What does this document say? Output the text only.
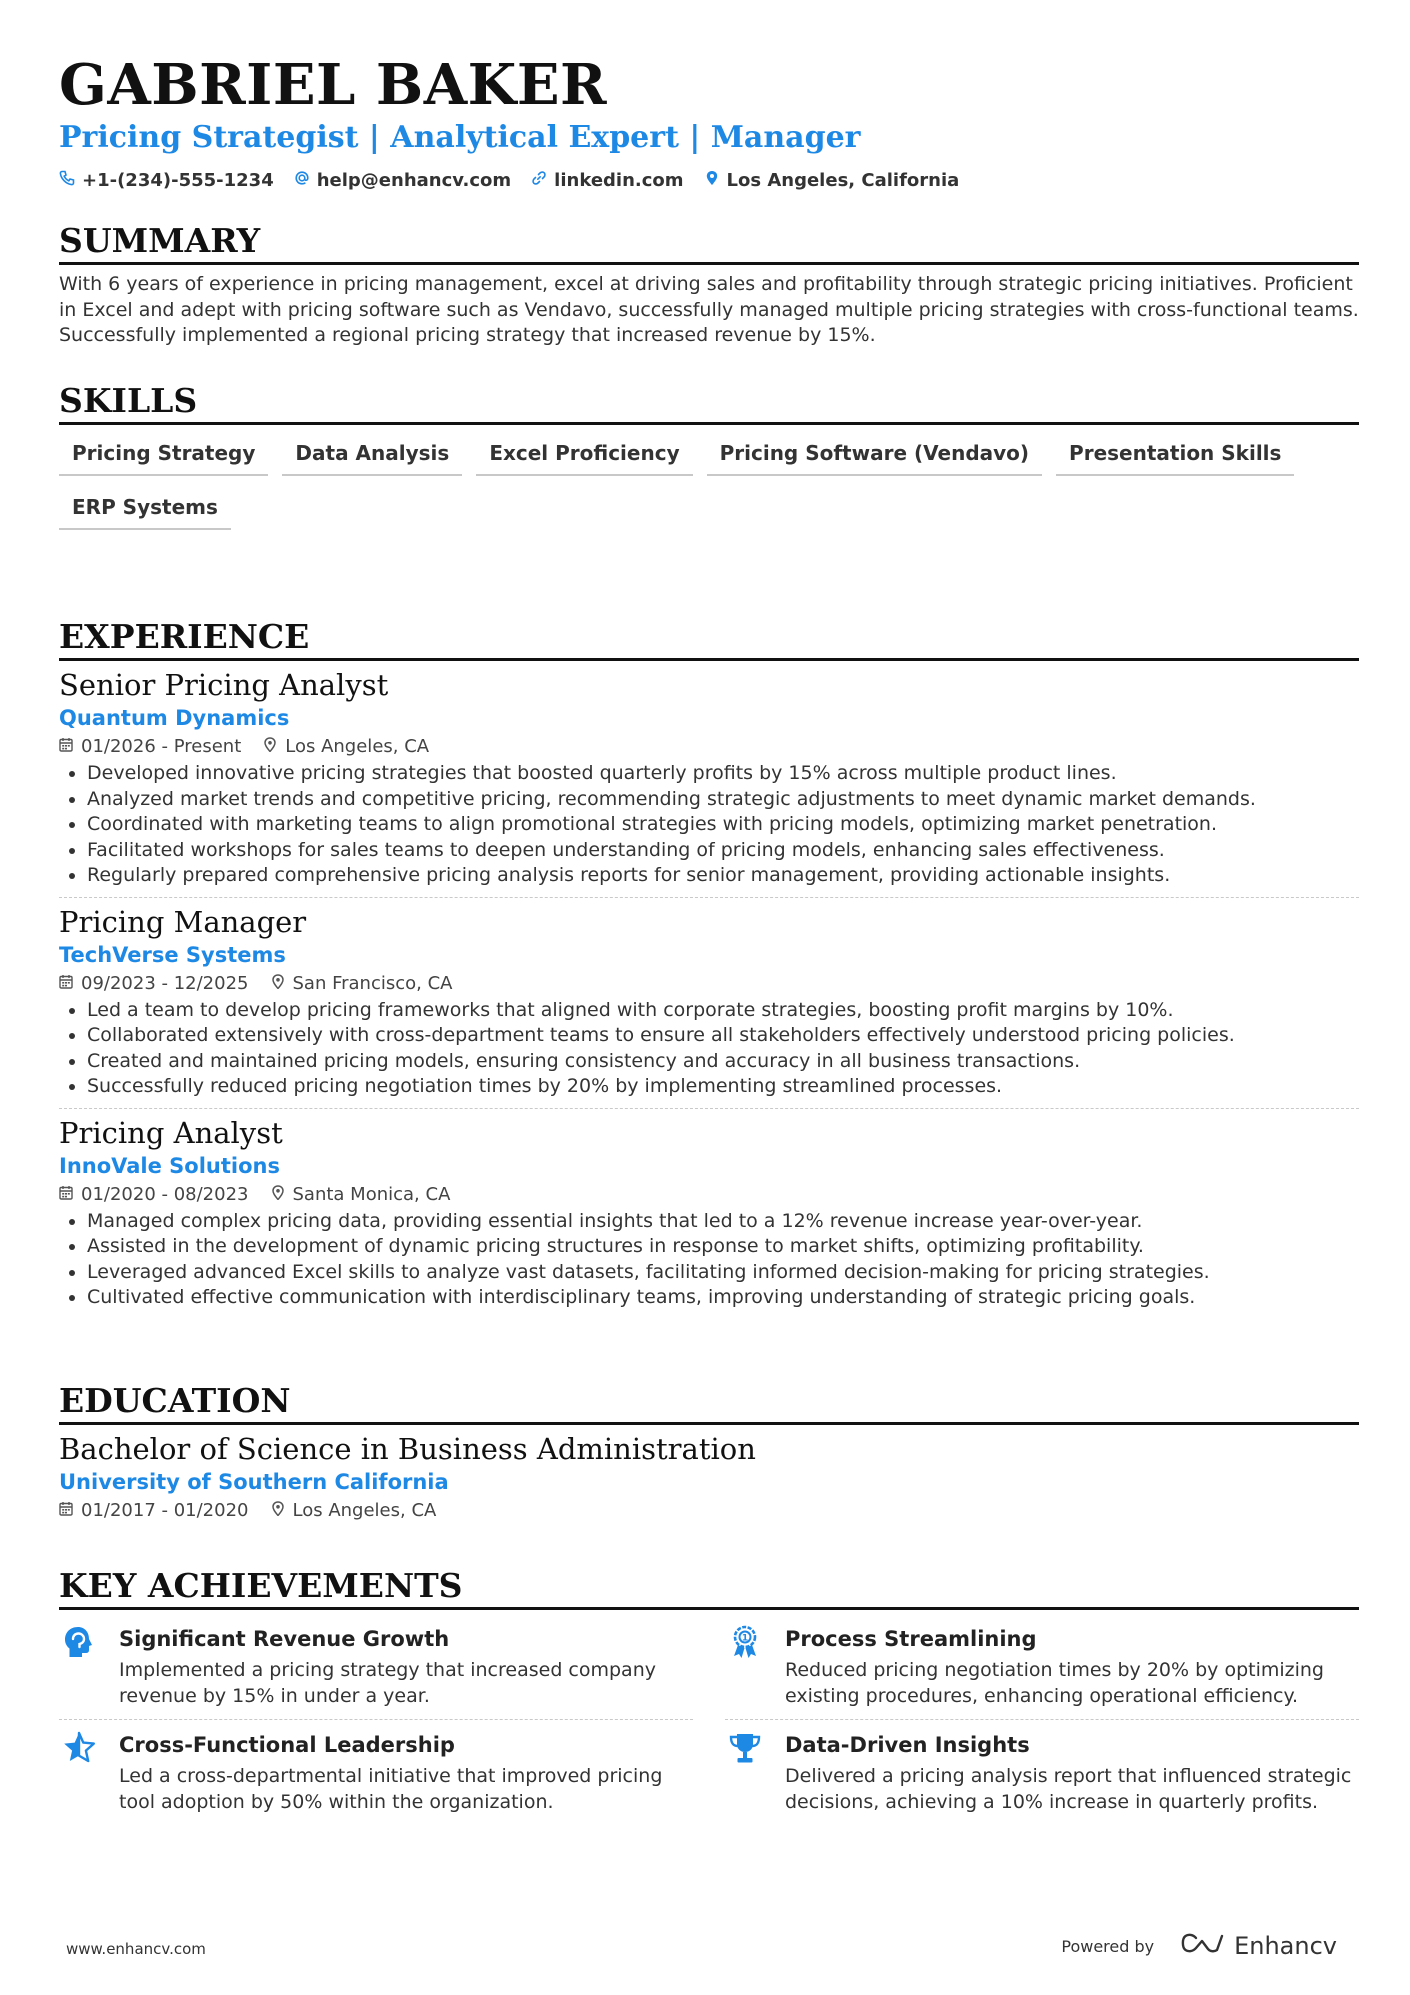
GABRIEL BAKER
Pricing Strategist | Analytical Expert | Manager
+1-(234)-555-1234 help@enhancv.com linkedin.com Los Angeles, California
SUMMARY
With 6 years of experience in pricing management, excel at driving sales and profitability through strategic pricing initiatives. Proficient in Excel and adept with pricing software such as Vendavo, successfully managed multiple pricing strategies with cross-functional teams. Successfully implemented a regional pricing strategy that increased revenue by 15%.
SKILLS
Pricing Strategy	Data Analysis	Excel Proficiency	Pricing Software (Vendavo)	Presentation Skills
ERP Systems
EXPERIENCE
Senior Pricing Analyst
Quantum Dynamics
01/2026 - Present Los Angeles, CA
• Developed innovative pricing strategies that boosted quarterly profits by 15% across multiple product lines.
• Analyzed market trends and competitive pricing, recommending strategic adjustments to meet dynamic market demands.
• Coordinated with marketing teams to align promotional strategies with pricing models, optimizing market penetration.
• Facilitated workshops for sales teams to deepen understanding of pricing models, enhancing sales effectiveness.
• Regularly prepared comprehensive pricing analysis reports for senior management, providing actionable insights.
Pricing Manager
TechVerse Systems
09/2023 - 12/2025 San Francisco, CA
• Led a team to develop pricing frameworks that aligned with corporate strategies, boosting profit margins by 10%.
• Collaborated extensively with cross-department teams to ensure all stakeholders effectively understood pricing policies.
• Created and maintained pricing models, ensuring consistency and accuracy in all business transactions.
• Successfully reduced pricing negotiation times by 20% by implementing streamlined processes.
Pricing Analyst
InnoVale Solutions
01/2020 - 08/2023 Santa Monica, CA
• Managed complex pricing data, providing essential insights that led to a 12% revenue increase year-over-year.
• Assisted in the development of dynamic pricing structures in response to market shifts, optimizing profitability.
• Leveraged advanced Excel skills to analyze vast datasets, facilitating informed decision-making for pricing strategies.
• Cultivated effective communication with interdisciplinary teams, improving understanding of strategic pricing goals.
EDUCATION
Bachelor of Science in Business Administration
University of Southern California
01/2017 - 01/2020 Los Angeles, CA
KEY ACHIEVEMENTS
Significant Revenue Growth
Implemented a pricing strategy that increased company revenue by 15% in under a year.
1 Process Streamlining
Reduced pricing negotiation times by 20% by optimizing existing procedures, enhancing operational efficiency.
Cross-Functional Leadership
Led a cross-departmental initiative that improved pricing tool adoption by 50% within the organization.
Data-Driven Insights
Delivered a pricing analysis report that influenced strategic decisions, achieving a 10% increase in quarterly profits.
www.enhancv.com	Powered by	Enhancv
